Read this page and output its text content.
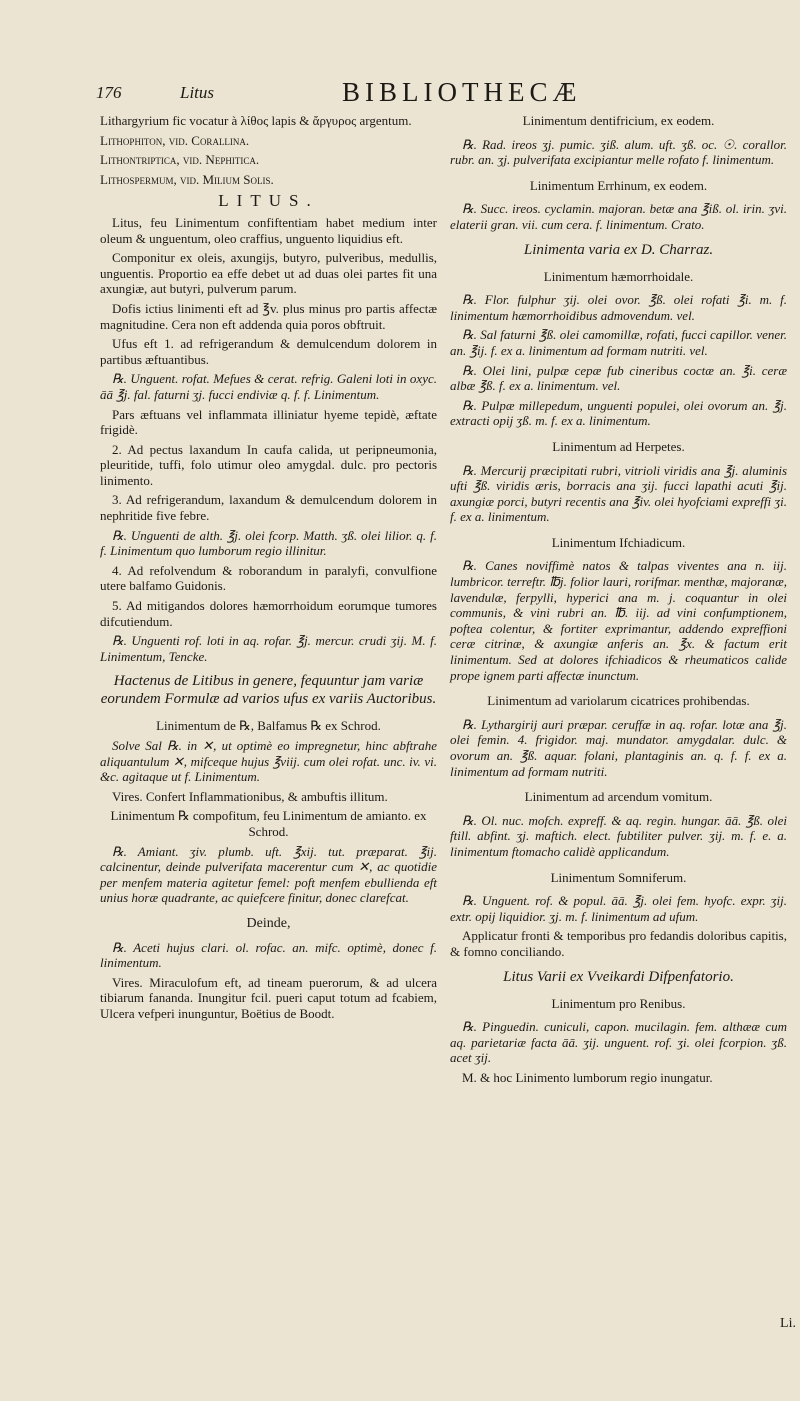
176	Litus	BIBLIOTHECÆ

Lithargyrium fic vocatur à λίθος lapis & ἄργυρος argentum.

Lithophiton, vid. Corallina.

Lithontriptica, vid. Nephitica.

Lithospermum, vid. Milium Solis.

LITUS.

Litus, feu Linimentum confiftentiam habet medium inter oleum & unguentum, oleo craffius, unguento liquidius eft.

Componitur ex oleis, axungijs, butyro, pulveribus, medullis, unguentis. Proportio ea effe debet ut ad duas olei partes fit una axungiæ, aut butyri, pulverum parum.

Dofis ictius linimenti eft ad ℥v. plus minus pro partis affectæ magnitudine. Cera non eft addenda quia poros obftruit.

Ufus eft 1. ad refrigerandum & demulcendum dolorem in partibus æftuantibus.

℞. Unguent. rofat. Mefues & cerat. refrig. Galeni loti in oxyc. āā ℥j. fal. faturni ʒj. fucci endiviæ q. f. f. Linimentum.

Pars æftuans vel inflammata illiniatur hyeme tepidè, æftate frigidè.

2. Ad pectus laxandum In caufa calida, ut peripneumonia, pleuritide, tuffi, folo utimur oleo amygdal. dulc. pro pectoris linimento.

3. Ad refrigerandum, laxandum & demulcendum dolorem in nephritide five febre.

℞. Unguenti de alth. ℥j. olei fcorp. Matth. ʒß. olei lilior. q. f. f. Linimentum quo lumborum regio illinitur.

4. Ad refolvendum & roborandum in paralyfi, convulfione utere balfamo Guidonis.

5. Ad mitigandos dolores hæmorrhoidum eorumque tumores difcutiendum.

℞. Unguenti rof. loti in aq. rofar. ℥j. mercur. crudi ʒij. M. f. Linimentum, Tencke.

Hactenus de Litibus in genere, fequuntur jam variæ eorundem Formulæ ad varios ufus ex variis Auctoribus.

Linimentum de ℞, Balfamus ℞ ex Schrod.

Solve Sal ℞. in ✕, ut optimè eo impregnetur, hinc abftrahe aliquantulum ✕, mifceque hujus ℥viij. cum olei rofat. unc. iv. vi. &c. agitaque ut f. Linimentum.

Vires. Confert Inflammationibus, & ambuftis illitum.

Linimentum ℞ compofitum, feu Linimentum de amianto. ex Schrod.

℞. Amiant. ʒiv. plumb. uft. ℥xij. tut. præparat. ℥ij. calcinentur, deinde pulverifata macerentur cum ✕, ac quotidie per menfem materia agitetur femel: poft menfem ebullienda eft unius horæ quadrante, ac quiefcere finitur, donec clarefcat.

Deinde,

℞. Aceti hujus clari. ol. rofac. an. mifc. optimè, donec f. linimentum.

Vires. Miraculofum eft, ad tineam puerorum, & ad ulcera tibiarum fananda. Inungitur fcil. pueri caput totum ad fcabiem, Ulcera vefperi inunguntur, Boëtius de Boodt.

Linimentum dentifricium, ex eodem.

℞. Rad. ireos ʒj. pumic. ʒiß. alum. uft. ʒß. oc. ☉. corallor. rubr. an. ʒj. pulverifata excipiantur melle rofato f. linimentum.

Linimentum Errhinum, ex eodem.

℞. Succ. ireos. cyclamin. majoran. betæ ana ℥iß. ol. irin. ʒvi. elaterii gran. vii. cum cera. f. linimentum. Crato.

Linimenta varia ex D. Charraz.
Linimentum hæmorrhoidale.

℞. Flor. fulphur ʒij. olei ovor. ℥ß. olei rofati ℥i. m. f. linimentum hæmorrhoidibus admovendum. vel.

℞. Sal faturni ℥ß. olei camomillæ, rofati, fucci capillor. vener. an. ℥ij. f. ex a. linimentum ad formam nutriti. vel.

℞. Olei lini, pulpæ cepæ fub cineribus coctæ an. ℥i. ceræ albæ ℥ß. f. ex a. linimentum. vel.

℞. Pulpæ millepedum, unguenti populei, olei ovorum an. ℥j. extracti opij ʒß. m. f. ex a. linimentum.

Linimentum ad Herpetes.

℞. Mercurij præcipitati rubri, vitrioli viridis ana ℥j. aluminis ufti ℥ß. viridis æris, borracis ana ʒij. fucci lapathi acuti ℥ij. axungiæ porci, butyri recentis ana ℥iv. olei hyofciami expreffi ʒi. f. ex a. linimentum.

Linimentum Ifchiadicum.

℞. Canes noviffimè natos & talpas viventes ana n. iij. lumbricor. terreftr. ℔j. folior lauri, rorifmar. menthæ, majoranæ, lavendulæ, ferpylli, hyperici ana m. j. coquantur in olei communis, & vini rubri an. ℔. iij. ad vini confumptionem, poftea colentur, & fortiter exprimantur, addendo expreffioni ceræ citrinæ, & axungiæ anferis an. ℥x. & factum erit linimentum. Sed at dolores ifchiadicos & rheumaticos calide prope ignem parti affectæ inunctum.

Linimentum ad variolarum cicatrices prohibendas.

℞. Lythargirij auri præpar. ceruffæ in aq. rofar. lotæ ana ℥j. olei femin. 4. frigidor. maj. mundator. amygdalar. dulc. & ovorum an. ℥ß. aquar. folani, plantaginis an. q. f. f. ex a. linimentum ad formam nutriti.

Linimentum ad arcendum vomitum.

℞. Ol. nuc. mofch. expreff. & aq. regin. hungar. āā. ℥ß. olei ftill. abfint. ʒj. maftich. elect. fubtiliter pulver. ʒij. m. f. e. a. linimentum ftomacho calidè applicandum.

Linimentum Somniferum.

℞. Unguent. rof. & popul. āā. ℥j. olei fem. hyofc. expr. ʒij. extr. opij liquidior. ʒj. m. f. linimentum ad ufum.

Applicatur fronti & temporibus pro fedandis doloribus capitis, & fomno conciliando.

Litus Varii ex Vveikardi Difpenfatorio.
Linimentum pro Renibus.

℞. Pinguedin. cuniculi, capon. mucilagin. fem. althææ cum aq. parietariæ facta āā. ʒij. unguent. rof. ʒi. olei fcorpion. ʒß. acet ʒij.

M. & hoc Linimento lumborum regio inungatur.

Li.
